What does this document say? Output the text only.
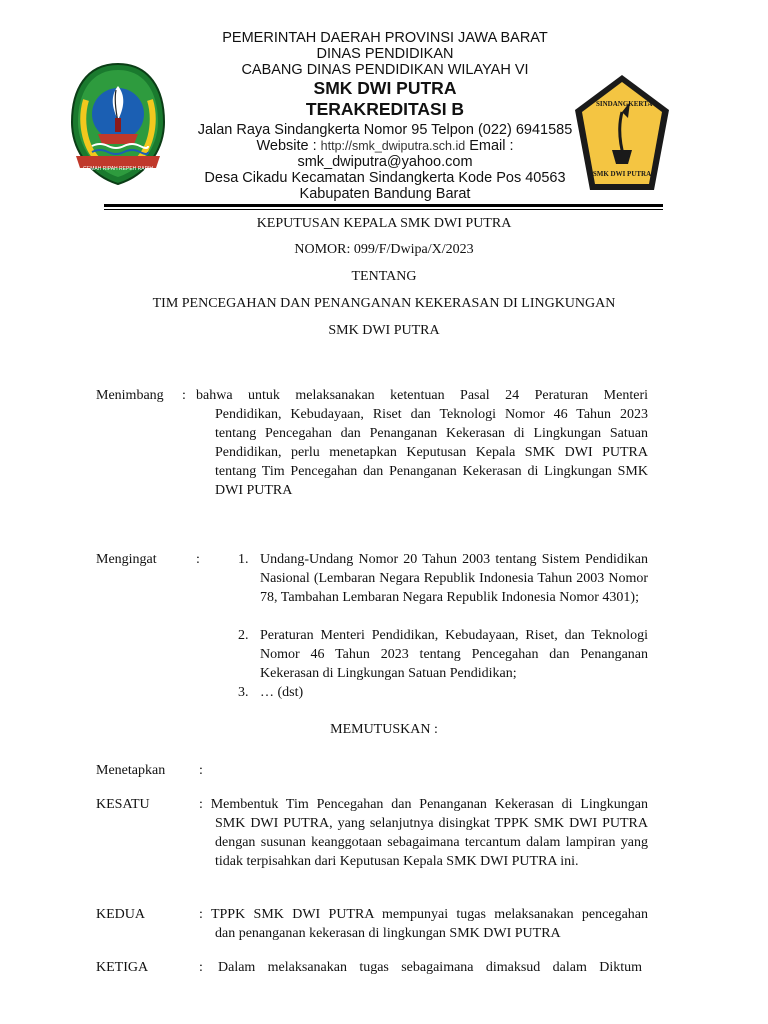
GEMAH RIPAH REPEH RAPIH
SINDANGKERTA
SMK DWI PUTRA
PEMERINTAH DAERAH PROVINSI JAWA BARAT
DINAS PENDIDIKAN
CABANG DINAS PENDIDIKAN WILAYAH VI
SMK DWI PUTRA
TERAKREDITASI B
Jalan Raya Sindangkerta Nomor 95 Telpon (022) 6941585
Website : http://smk_dwiputra.sch.id Email :
smk_dwiputra@yahoo.com
Desa Cikadu Kecamatan Sindangkerta Kode Pos 40563
Kabupaten Bandung Barat
KEPUTUSAN KEPALA SMK DWI PUTRA
NOMOR: 099/F/Dwipa/X/2023
TENTANG
TIM PENCEGAHAN DAN PENANGANAN KEKERASAN DI LINGKUNGAN
SMK DWI PUTRA
Menimbang : bahwa untuk melaksanakan ketentuan Pasal 24 Peraturan Menteri
Pendidikan, Kebudayaan, Riset dan Teknologi Nomor 46 Tahun 2023 tentang Pencegahan dan Penanganan Kekerasan di Lingkungan Satuan Pendidikan, perlu menetapkan Keputusan Kepala SMK DWI PUTRA tentang Tim Pencegahan dan Penanganan Kekerasan di Lingkungan SMK DWI PUTRA
Mengingat	:	1. Undang-Undang Nomor 20 Tahun 2003 tentang Sistem Pendidikan Nasional (Lembaran Negara Republik Indonesia Tahun 2003 Nomor 78, Tambahan Lembaran Negara Republik Indonesia Nomor 4301);
2. Peraturan Menteri Pendidikan, Kebudayaan, Riset, dan Teknologi Nomor 46 Tahun 2023 tentang Pencegahan dan Penanganan Kekerasan di Lingkungan Satuan Pendidikan;
3. … (dst)
MEMUTUSKAN :
Menetapkan :
KESATU	: Membentuk Tim Pencegahan dan Penanganan Kekerasan di Lingkungan
SMK DWI PUTRA, yang selanjutnya disingkat TPPK SMK DWI PUTRA dengan susunan keanggotaan sebagaimana tercantum dalam lampiran yang tidak terpisahkan dari Keputusan Kepala SMK DWI PUTRA ini.
KEDUA	: TPPK SMK DWI PUTRA mempunyai tugas melaksanakan pencegahan
dan penanganan kekerasan di lingkungan SMK DWI PUTRA
KETIGA	: Dalam melaksanakan tugas sebagaimana dimaksud dalam Diktum
